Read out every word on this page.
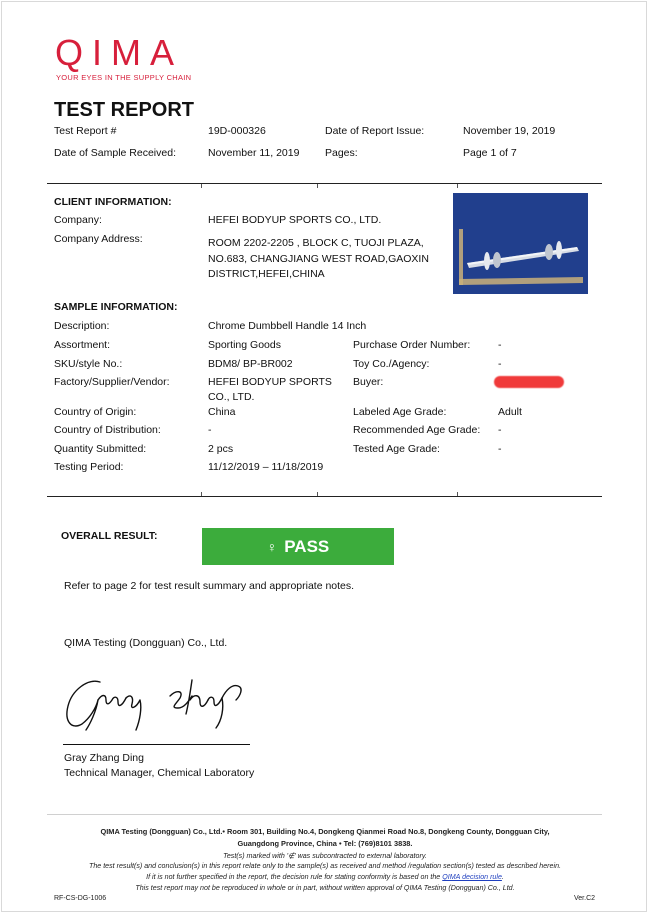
QIMA
YOUR EYES IN THE SUPPLY CHAIN
TEST REPORT
Test Report #	19D-000326	Date of Report Issue:	November 19, 2019
Date of Sample Received:	November 11, 2019 Pages:	Page 1 of 7
CLIENT INFORMATION:
Company:	HEFEI BODYUP SPORTS CO., LTD.
Company Address:	ROOM 2202-2205 , BLOCK C, TUOJI PLAZA,
NO.683, CHANGJIANG WEST ROAD,GAOXIN
DISTRICT,HEFEI,CHINA
SAMPLE INFORMATION:
Description:	Chrome Dumbbell Handle 14 Inch
Assortment:	Sporting Goods	Purchase Order Number:	-
SKU/style No.:	BDM8/ BP-BR002	Toy Co./Agency:	-
Factory/Supplier/Vendor:	HEFEI BODYUP SPORTS
CO., LTD.
Buyer:
Country of Origin:	China	Labeled Age Grade:	Adult
Country of Distribution:	-	Recommended Age Grade: -
Quantity Submitted:	2 pcs	Tested Age Grade:	-
Testing Period:	11/12/2019 – 11/18/2019
OVERALL RESULT:
♀ PASS
Refer to page 2 for test result summary and appropriate notes.
QIMA Testing (Dongguan) Co., Ltd.
Gray Zhang Ding
Technical Manager, Chemical Laboratory
QIMA Testing (Dongguan) Co., Ltd.• Room 301, Building No.4, Dongkeng Qianmei Road No.8, Dongkeng County, Dongguan City,
Guangdong Province, China • Tel: (769)8101 3838.
Test(s) marked with '∉' was subcontracted to external laboratory.
The test result(s) and conclusion(s) in this report relate only to the sample(s) as received and method /regulation section(s) tested as described herein.
If it is not further specified in the report, the decision rule for stating conformity is based on the QIMA decision rule.
This test report may not be reproduced in whole or in part, without written approval of QIMA Testing (Dongguan) Co., Ltd.
RF-CS-DG-1006	Ver.C2
